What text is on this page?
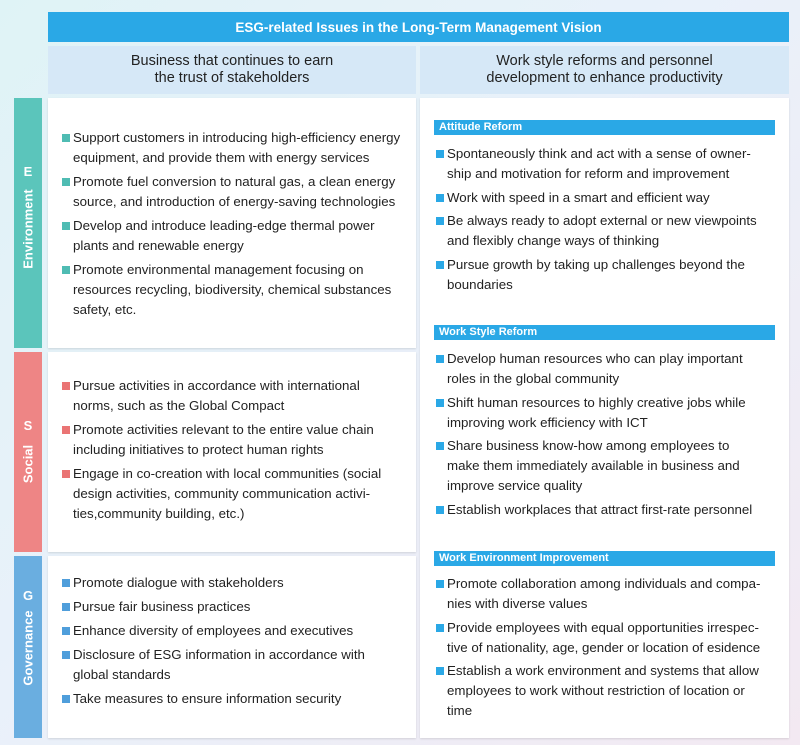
ESG-related Issues in the Long-Term Management Vision
Business that continues to earn
the trust of stakeholders
Work style reforms and personnel
development to enhance productivity
E
Environment
S
Social
G
Governance
Support customers in introducing high-efficiency energy
equipment, and provide them with energy services
Promote fuel conversion to natural gas, a clean energy
source, and introduction of energy-saving technologies
Develop and introduce leading-edge thermal power
plants and renewable energy
Promote environmental management focusing on
resources recycling, biodiversity, chemical substances
safety, etc.
Pursue activities in accordance with international
norms, such as the Global Compact
Promote activities relevant to the entire value chain
including initiatives to protect human rights
Engage in co-creation with local communities (social
design activities, community communication activi-
ties,community building, etc.)
Promote dialogue with stakeholders
Pursue fair business practices
Enhance diversity of employees and executives
Disclosure of ESG information in accordance with
global standards
Take measures to ensure information security
Attitude Reform
Spontaneously think and act with a sense of owner-
ship and motivation for reform and improvement
Work with speed in a smart and efficient way
Be always ready to adopt external or new viewpoints
and flexibly change ways of thinking
Pursue growth by taking up challenges beyond the
boundaries
Work Style Reform
Develop human resources who can play important
roles in the global community
Shift human resources to highly creative jobs while
improving work efficiency with ICT
Share business know-how among employees to
make them immediately available in business and
improve service quality
Establish workplaces that attract first-rate personnel
Work Environment Improvement
Promote collaboration among individuals and compa-
nies with diverse values
Provide employees with equal opportunities irrespec-
tive of nationality, age, gender or location of esidence
Establish a work environment and systems that allow
employees to work without restriction of location or
time
